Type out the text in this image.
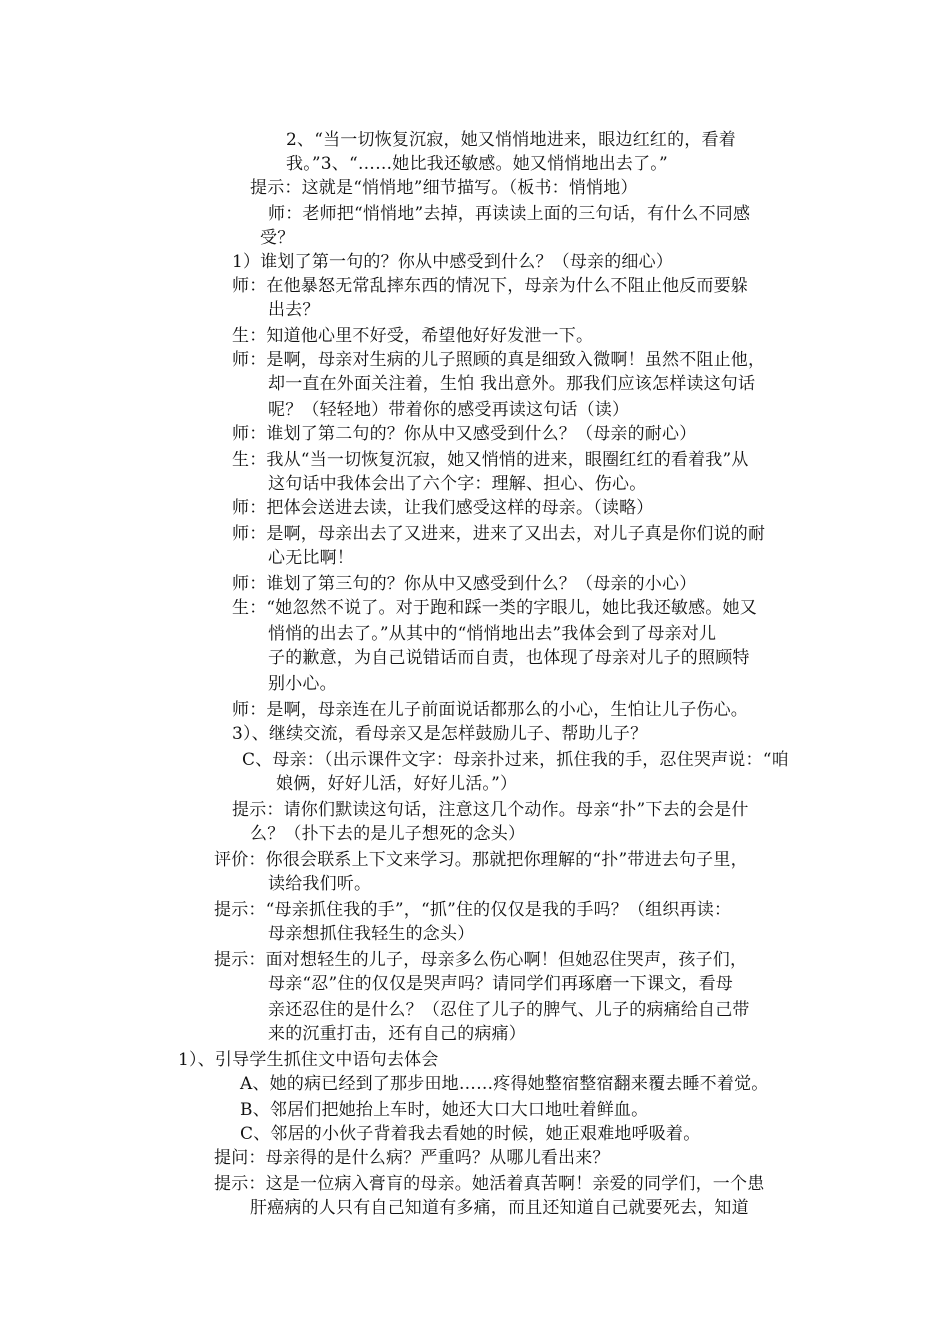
2、“当一切恢复沉寂，她又悄悄地进来，眼边红红的，看着
我。”3、“……她比我还敏感。她又悄悄地出去了。”
提示：这就是“悄悄地”细节描写。（板书：悄悄地）
师：老师把“悄悄地”去掉，再读读上面的三句话，有什么不同感
受？
1）谁划了第一句的？你从中感受到什么？（母亲的细心）
师：在他暴怒无常乱摔东西的情况下，母亲为什么不阻止他反而要躲
出去？
生：知道他心里不好受，希望他好好发泄一下。
师：是啊，母亲对生病的儿子照顾的真是细致入微啊！虽然不阻止他，
却一直在外面关注着，生怕 我出意外。那我们应该怎样读这句话
呢？（轻轻地）带着你的感受再读这句话（读）
师：谁划了第二句的？你从中又感受到什么？（母亲的耐心）
生：我从“当一切恢复沉寂，她又悄悄的进来，眼圈红红的看着我”从
这句话中我体会出了六个字：理解、担心、伤心。
师：把体会送进去读，让我们感受这样的母亲。（读略）
师：是啊，母亲出去了又进来，进来了又出去，对儿子真是你们说的耐
心无比啊！
师：谁划了第三句的？你从中又感受到什么？（母亲的小心）
生：“她忽然不说了。对于跑和踩一类的字眼儿，她比我还敏感。她又
悄悄的出去了。”从其中的“悄悄地出去”我体会到了母亲对儿
子的歉意，为自己说错话而自责，也体现了母亲对儿子的照顾特
别小心。
师：是啊，母亲连在儿子前面说话都那么的小心，生怕让儿子伤心。
3）、继续交流，看母亲又是怎样鼓励儿子、帮助儿子？
C、母亲：（出示课件文字：母亲扑过来，抓住我的手，忍住哭声说：“咱
娘俩，好好儿活，好好儿活。”）
提示：请你们默读这句话，注意这几个动作。母亲“扑”下去的会是什
么？（扑下去的是儿子想死的念头）
评价：你很会联系上下文来学习。那就把你理解的“扑”带进去句子里，
读给我们听。
提示：“母亲抓住我的手”，“抓”住的仅仅是我的手吗？（组织再读：
母亲想抓住我轻生的念头）
提示：面对想轻生的儿子，母亲多么伤心啊！但她忍住哭声，孩子们，
母亲“忍”住的仅仅是哭声吗？请同学们再琢磨一下课文，看母
亲还忍住的是什么？（忍住了儿子的脾气、儿子的病痛给自己带
来的沉重打击，还有自己的病痛）
1）、引导学生抓住文中语句去体会
A、她的病已经到了那步田地……疼得她整宿整宿翻来覆去睡不着觉。
B、邻居们把她抬上车时，她还大口大口地吐着鲜血。
C、邻居的小伙子背着我去看她的时候，她正艰难地呼吸着。
提问：母亲得的是什么病？严重吗？从哪儿看出来？
提示：这是一位病入膏肓的母亲。她活着真苦啊！亲爱的同学们，一个患
肝癌病的人只有自己知道有多痛，而且还知道自己就要死去，知道
